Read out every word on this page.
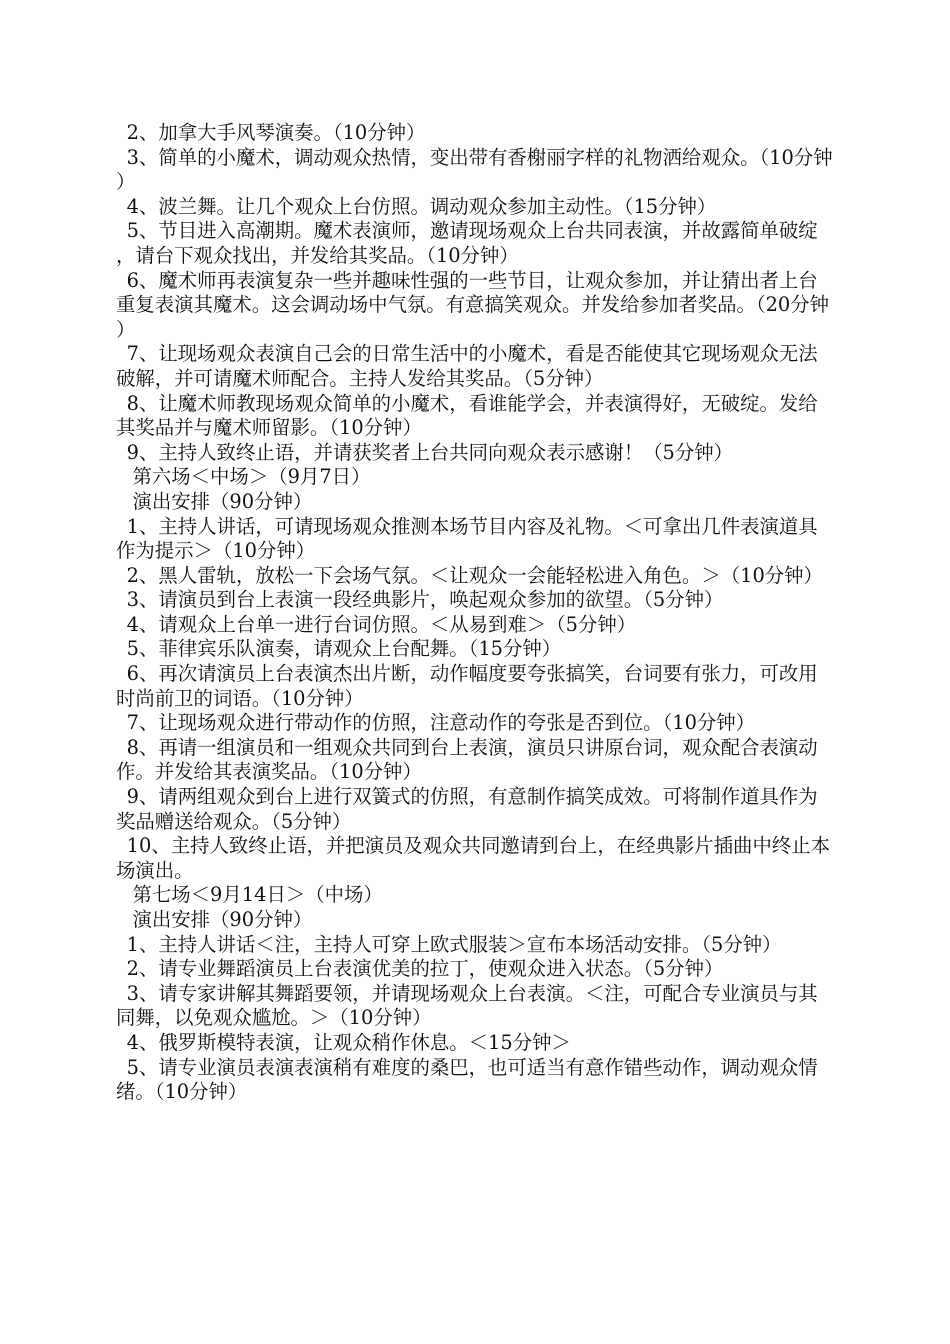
2、加拿大手风琴演奏。（10分钟）

3、简单的小魔术，调动观众热情，变出带有香榭丽字样的礼物洒给观众。（10分钟）

4、波兰舞。让几个观众上台仿照。调动观众参加主动性。（15分钟）

5、节目进入高潮期。魔术表演师，邀请现场观众上台共同表演，并故露简单破绽，请台下观众找出，并发给其奖品。（10分钟）

6、魔术师再表演复杂一些并趣味性强的一些节目，让观众参加，并让猜出者上台重复表演其魔术。这会调动场中气氛。有意搞笑观众。并发给参加者奖品。（20分钟）

7、让现场观众表演自己会的日常生活中的小魔术，看是否能使其它现场观众无法破解，并可请魔术师配合。主持人发给其奖品。（5分钟）

8、让魔术师教现场观众简单的小魔术，看谁能学会，并表演得好，无破绽。发给其奖品并与魔术师留影。（10分钟）

9、主持人致终止语，并请获奖者上台共同向观众表示感谢！（5分钟）

第六场＜中场＞（9月7日）

演出安排（90分钟）

1、主持人讲话，可请现场观众推测本场节目内容及礼物。＜可拿出几件表演道具作为提示＞（10分钟）

2、黑人雷轨，放松一下会场气氛。＜让观众一会能轻松进入角色。＞（10分钟）

3、请演员到台上表演一段经典影片，唤起观众参加的欲望。（5分钟）

4、请观众上台单一进行台词仿照。＜从易到难＞（5分钟）

5、菲律宾乐队演奏，请观众上台配舞。（15分钟）

6、再次请演员上台表演杰出片断，动作幅度要夸张搞笑，台词要有张力，可改用时尚前卫的词语。（10分钟）

7、让现场观众进行带动作的仿照，注意动作的夸张是否到位。（10分钟）

8、再请一组演员和一组观众共同到台上表演，演员只讲原台词，观众配合表演动作。并发给其表演奖品。（10分钟）

9、请两组观众到台上进行双簧式的仿照，有意制作搞笑成效。可将制作道具作为奖品赠送给观众。（5分钟）

10、主持人致终止语，并把演员及观众共同邀请到台上，在经典影片插曲中终止本场演出。

第七场＜9月14日＞（中场）

演出安排（90分钟）

1、主持人讲话＜注，主持人可穿上欧式服装＞宣布本场活动安排。（5分钟）

2、请专业舞蹈演员上台表演优美的拉丁，使观众进入状态。（5分钟）

3、请专家讲解其舞蹈要领，并请现场观众上台表演。＜注，可配合专业演员与其同舞，以免观众尴尬。＞（10分钟）

4、俄罗斯模特表演，让观众稍作休息。＜15分钟＞

5、请专业演员表演表演稍有难度的桑巴，也可适当有意作错些动作，调动观众情绪。（10分钟）
